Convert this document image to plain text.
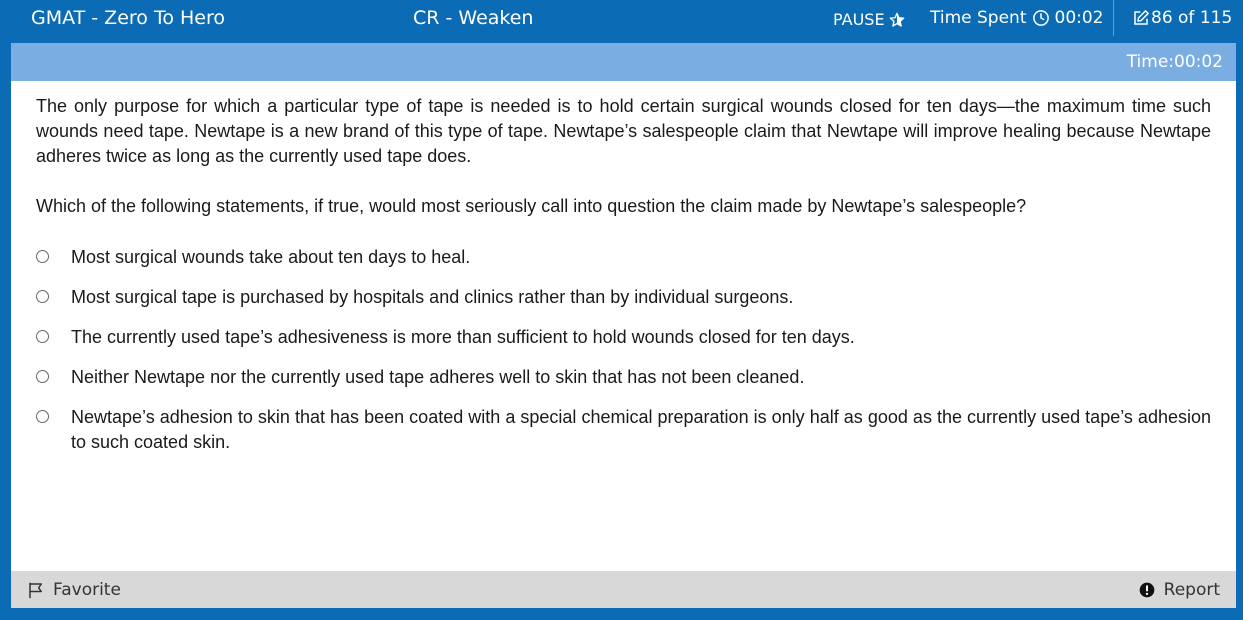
GMAT - Zero To Hero	CR - Weaken	PAUSE	Time Spent 00:02	86 of 115
Time:00:02

The only purpose for which a particular type of tape is needed is to hold certain surgical wounds closed for ten days—the maximum time such wounds need tape. Newtape is a new brand of this type of tape. Newtape’s salespeople claim that Newtape will improve healing because Newtape adheres twice as long as the currently used tape does.

Which of the following statements, if true, would most seriously call into question the claim made by Newtape’s salespeople?

Most surgical wounds take about ten days to heal.
Most surgical tape is purchased by hospitals and clinics rather than by individual surgeons.
The currently used tape’s adhesiveness is more than sufficient to hold wounds closed for ten days.
Neither Newtape nor the currently used tape adheres well to skin that has not been cleaned.
Newtape’s adhesion to skin that has been coated with a special chemical preparation is only half as good as the currently used tape’s adhesion to such coated skin.
Favorite	Report
